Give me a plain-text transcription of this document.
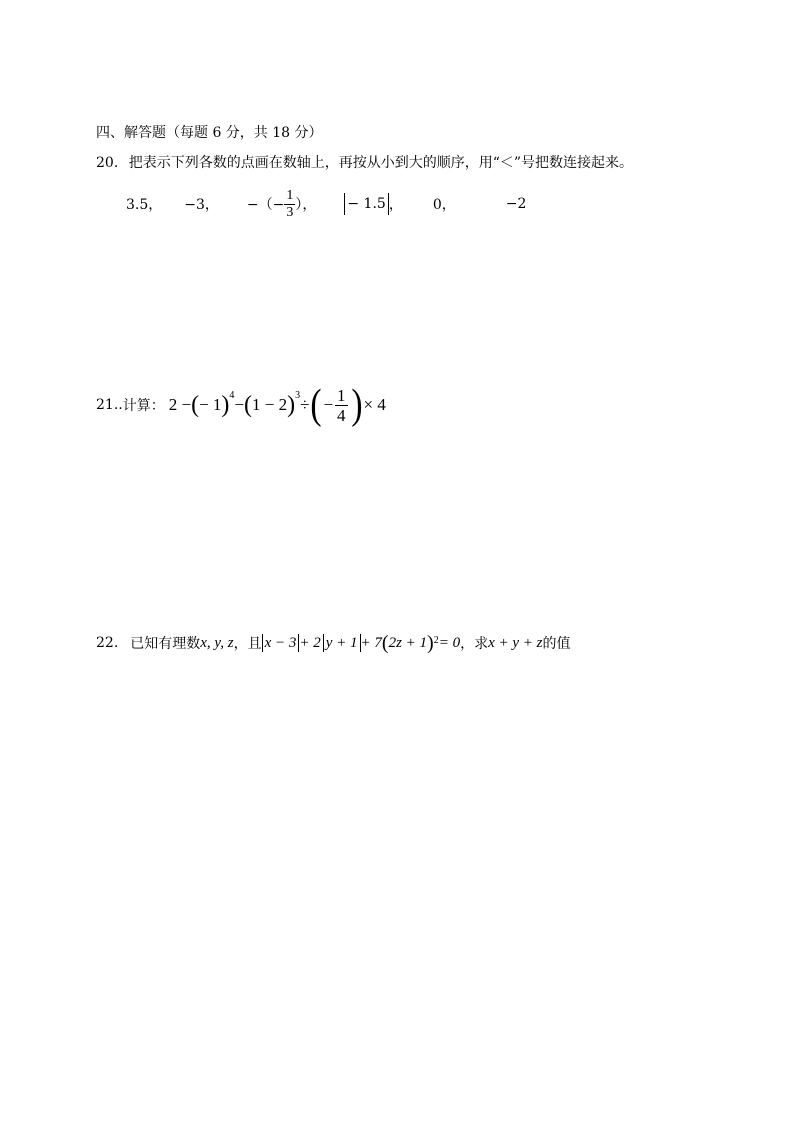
四、解答题（每题 6 分，共 18 分）
20. 把表示下列各数的点画在数轴上，再按从小到大的顺序，用“＜”号把数连接起来。
3.5， −3， −（− $\frac{1}{3}$ ）， − 1.5 ， 0，	−2
21.. 计算： 2 − ( − 1 )$^4$ − ( 1 − 2 )$^3$ ÷ ( − $\frac{1}{4}$ ) × 4
22. 已知有理数 x, y, z ，且 x − 3 + 2 y + 1 + 7 ( 2z + 1 ) 2 = 0 ，求 x + y + z 的值
